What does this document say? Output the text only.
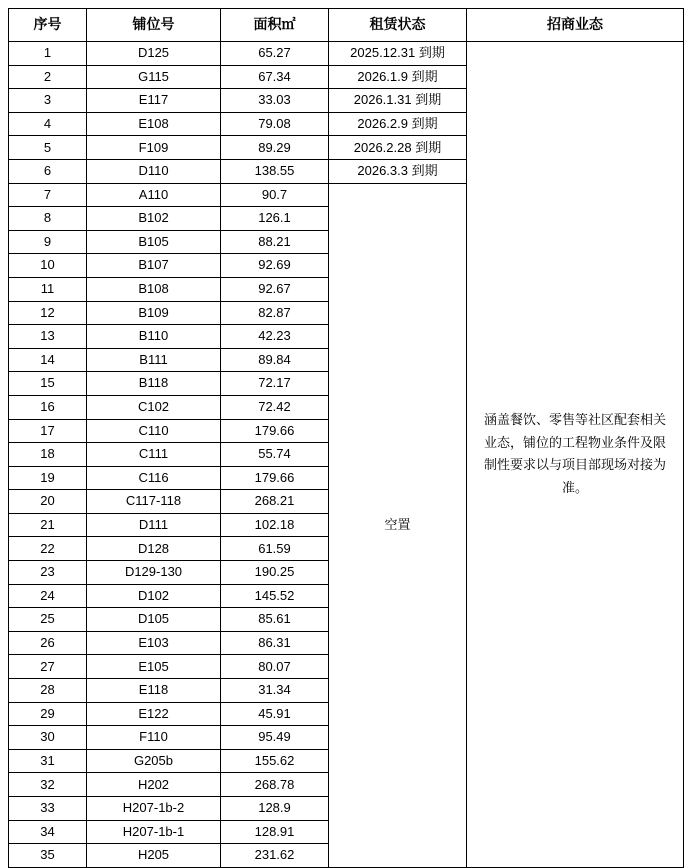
序号	铺位号	面积㎡	租赁状态	招商业态
1	D125	65.27	2025.12.31 到期	涵盖餐饮、零售等社区配套相关业态，铺位的工程物业条件及限制性要求以与项目部现场对接为准。

2	G115	67.34	2026.1.9 到期	
3	E117	33.03	2026.1.31 到期	
4	E108	79.08	2026.2.9 到期	
5	F109	89.29	2026.2.28 到期	
6	D110	138.55	2026.3.3 到期	
7	A110	90.7	空置	
8	B102	126.1		
9	B105	88.21		
10	B107	92.69		
11	B108	92.67		
12	B109	82.87		
13	B110	42.23		
14	B111	89.84		
15	B118	72.17		
16	C102	72.42		
17	C110	179.66		
18	C111	55.74		
19	C116	179.66		
20	C117-118	268.21		
21	D111	102.18		
22	D128	61.59		
23	D129-130	190.25		
24	D102	145.52		
25	D105	85.61		
26	E103	86.31		
27	E105	80.07		
28	E118	31.34		
29	E122	45.91		
30	F110	95.49		
31	G205b	155.62		
32	H202	268.78		
33	H207-1b-2	128.9		
34	H207-1b-1	128.91		
35	H205	231.62		
